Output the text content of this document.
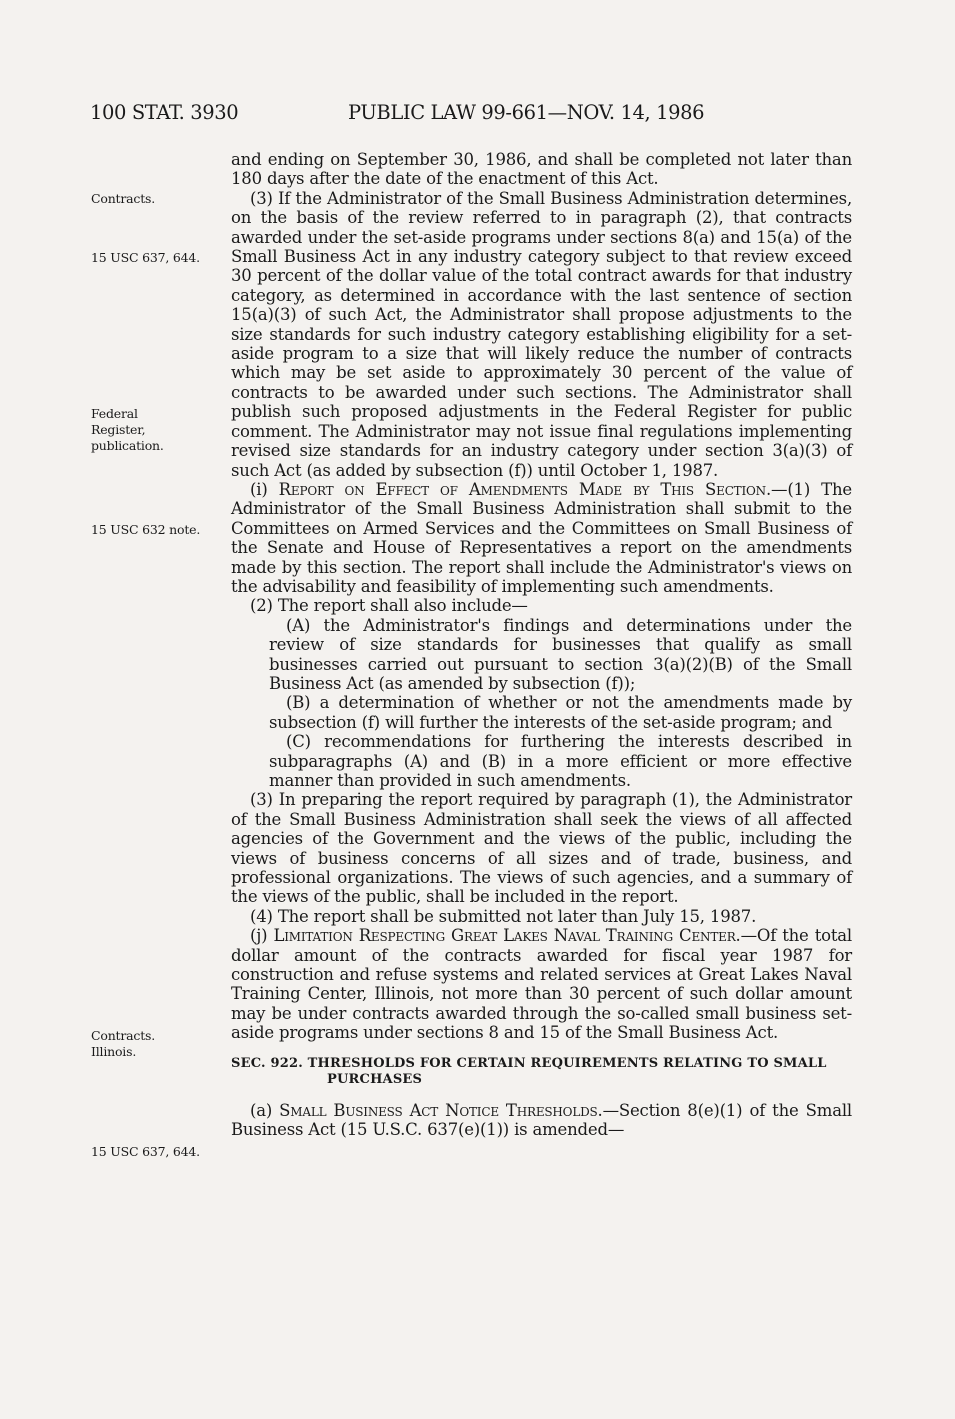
100 STAT. 3930	PUBLIC LAW 99-661—NOV. 14, 1986
Contracts.
15 USC 637, 644.
Federal
Register,
publication.
15 USC 632 note.
Contracts.
Illinois.
15 USC 637, 644.

and ending on September 30, 1986, and shall be completed not later than 180 days after the date of the enactment of this Act.

(3) If the Administrator of the Small Business Administration determines, on the basis of the review referred to in paragraph (2), that contracts awarded under the set-aside programs under sections 8(a) and 15(a) of the Small Business Act in any industry category subject to that review exceed 30 percent of the dollar value of the total contract awards for that industry category, as determined in accordance with the last sentence of section 15(a)(3) of such Act, the Administrator shall propose adjustments to the size standards for such industry category establishing eligibility for a set-aside program to a size that will likely reduce the number of contracts which may be set aside to approximately 30 percent of the value of contracts to be awarded under such sections. The Administrator shall publish such proposed adjustments in the Federal Register for public comment. The Administrator may not issue final regulations implementing revised size standards for an industry category under section 3(a)(3) of such Act (as added by subsection (f)) until October 1, 1987.

(i) Report on Effect of Amendments Made by This Section.—(1) The Administrator of the Small Business Administration shall submit to the Committees on Armed Services and the Committees on Small Business of the Senate and House of Representatives a report on the amendments made by this section. The report shall include the Administrator's views on the advisability and feasibility of implementing such amendments.

(2) The report shall also include—

(A) the Administrator's findings and determinations under the review of size standards for businesses that qualify as small businesses carried out pursuant to section 3(a)(2)(B) of the Small Business Act (as amended by subsection (f));

(B) a determination of whether or not the amendments made by subsection (f) will further the interests of the set-aside program; and

(C) recommendations for furthering the interests described in subparagraphs (A) and (B) in a more efficient or more effective manner than provided in such amendments.

(3) In preparing the report required by paragraph (1), the Administrator of the Small Business Administration shall seek the views of all affected agencies of the Government and the views of the public, including the views of business concerns of all sizes and of trade, business, and professional organizations. The views of such agencies, and a summary of the views of the public, shall be included in the report.

(4) The report shall be submitted not later than July 15, 1987.

(j) Limitation Respecting Great Lakes Naval Training Center.—Of the total dollar amount of the contracts awarded for fiscal year 1987 for construction and refuse systems and related services at Great Lakes Naval Training Center, Illinois, not more than 30 percent of such dollar amount may be under contracts awarded through the so-called small business set-aside programs under sections 8 and 15 of the Small Business Act.

SEC. 922. THRESHOLDS FOR CERTAIN REQUIREMENTS RELATING TO SMALL PURCHASES

(a) Small Business Act Notice Thresholds.—Section 8(e)(1) of the Small Business Act (15 U.S.C. 637(e)(1)) is amended—
